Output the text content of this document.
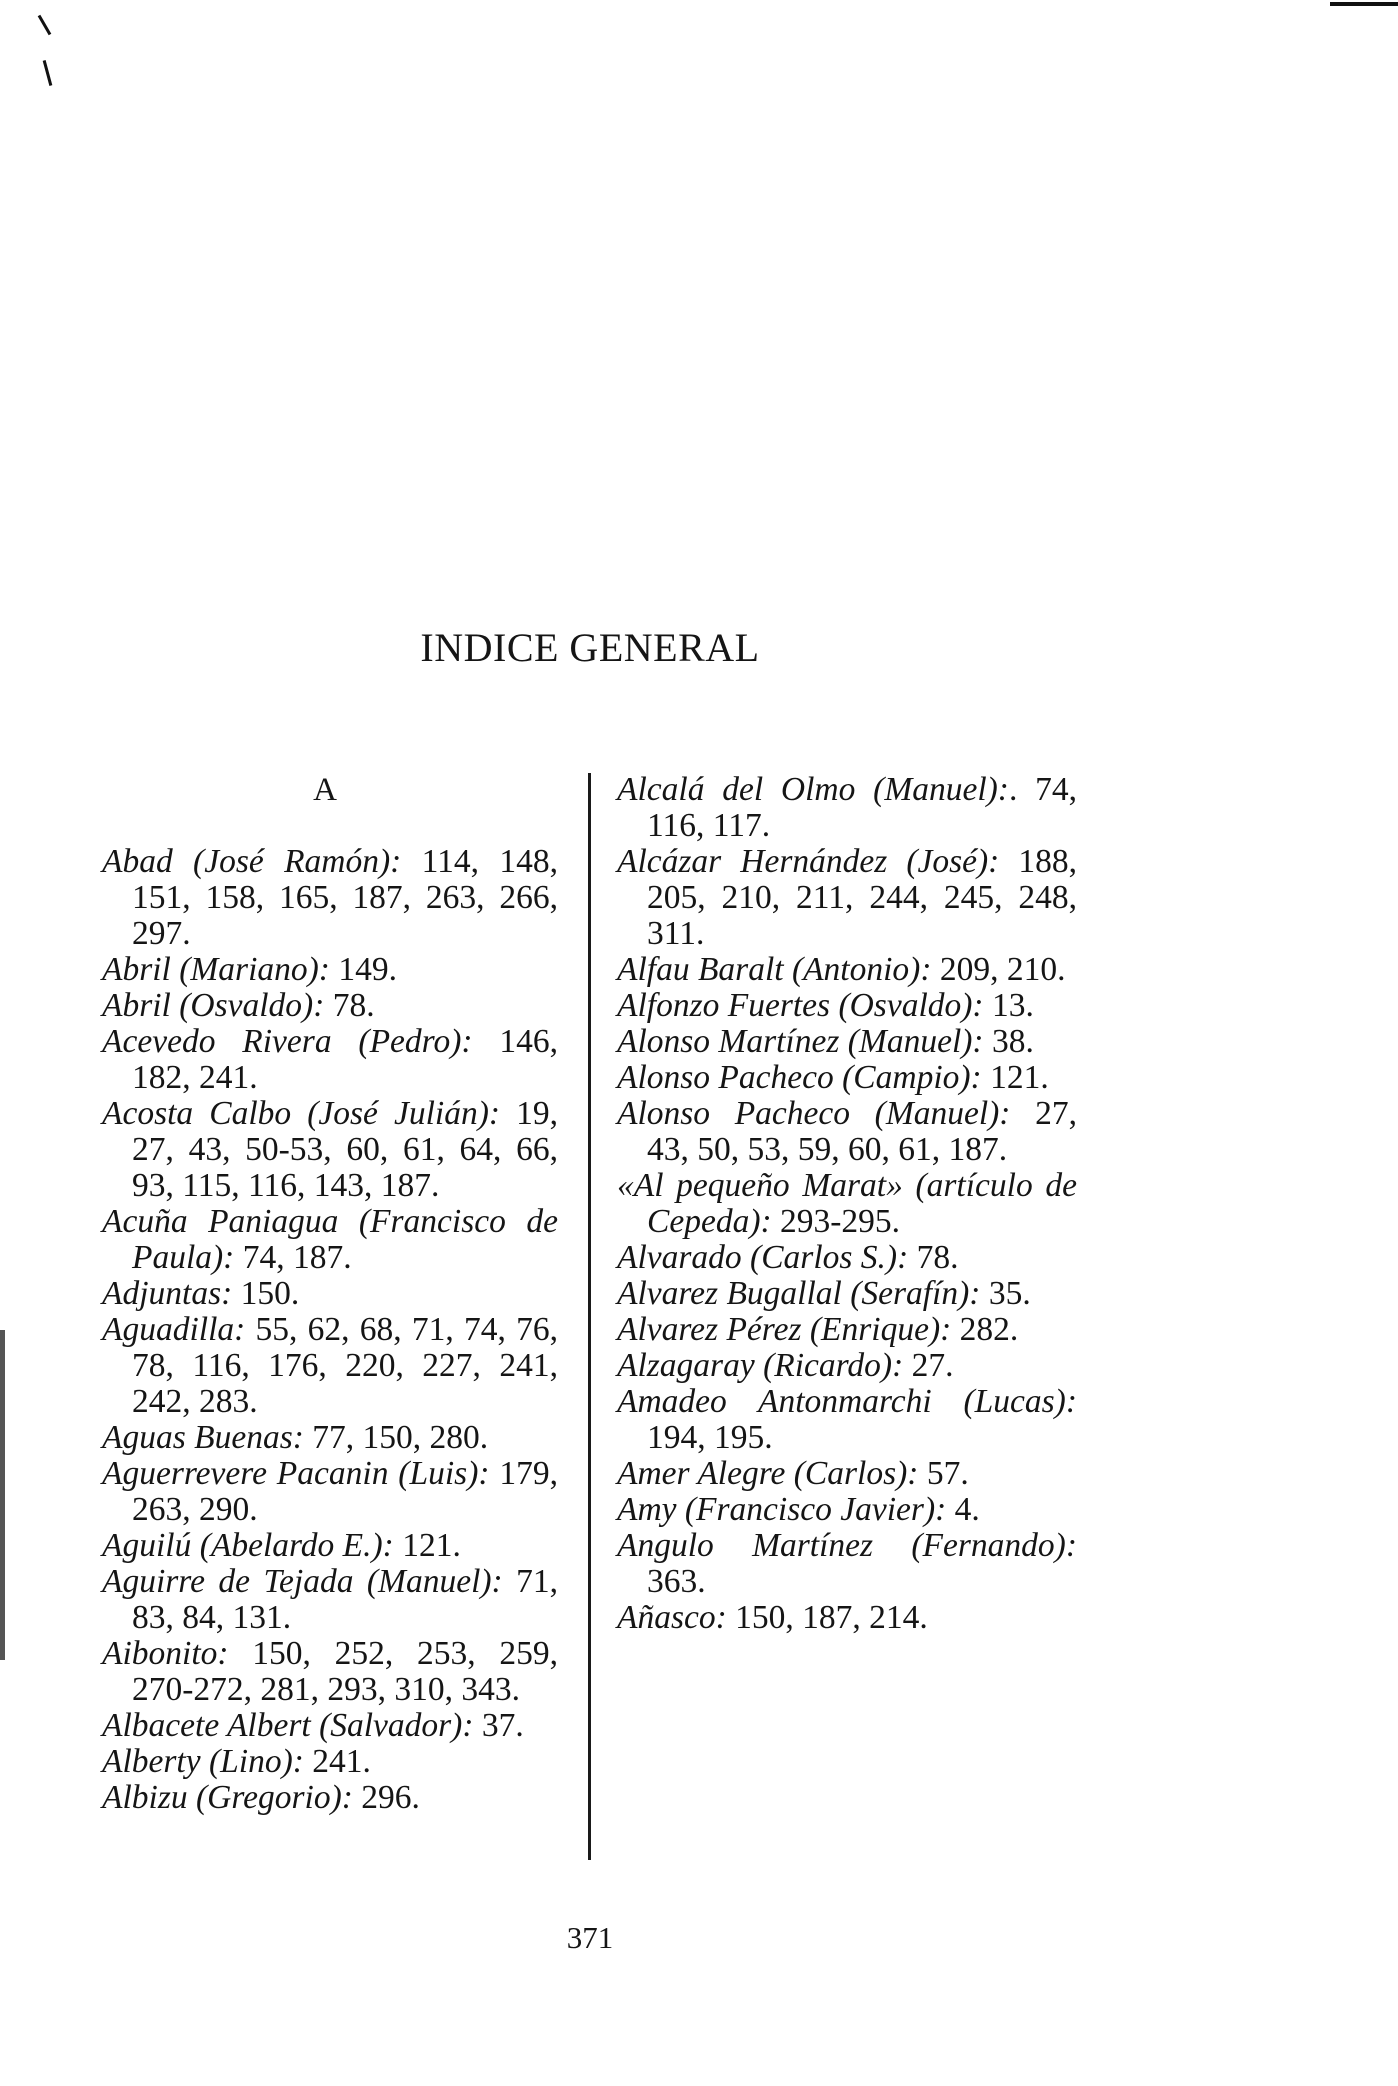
INDICE GENERAL
A
Abad (José Ramón): 114, 148, 151, 158, 165, 187, 263, 266, 297.
Abril (Mariano): 149.
Abril (Osvaldo): 78.
Acevedo Rivera (Pedro): 146, 182, 241.
Acosta Calbo (José Julián): 19, 27, 43, 50-53, 60, 61, 64, 66, 93, 115, 116, 143, 187.
Acuña Paniagua (Francisco de Paula): 74, 187.
Adjuntas: 150.
Aguadilla: 55, 62, 68, 71, 74, 76, 78, 116, 176, 220, 227, 241, 242, 283.
Aguas Buenas: 77, 150, 280.
Aguerrevere Pacanin (Luis): 179, 263, 290.
Aguilú (Abelardo E.): 121.
Aguirre de Tejada (Manuel): 71, 83, 84, 131.
Aibonito: 150, 252, 253, 259, 270-272, 281, 293, 310, 343.
Albacete Albert (Salvador): 37.
Alberty (Lino): 241.
Albizu (Gregorio): 296.
Alcalá del Olmo (Manuel):. 74, 116, 117.
Alcázar Hernández (José): 188, 205, 210, 211, 244, 245, 248, 311.
Alfau Baralt (Antonio): 209, 210.
Alfonzo Fuertes (Osvaldo): 13.
Alonso Martínez (Manuel): 38.
Alonso Pacheco (Campio): 121.
Alonso Pacheco (Manuel): 27, 43, 50, 53, 59, 60, 61, 187.
«Al pequeño Marat» (artículo de Cepeda): 293-295.
Alvarado (Carlos S.): 78.
Alvarez Bugallal (Serafín): 35.
Alvarez Pérez (Enrique): 282.
Alzagaray (Ricardo): 27.
Amadeo Antonmarchi (Lucas): 194, 195.
Amer Alegre (Carlos): 57.
Amy (Francisco Javier): 4.
Angulo Martínez (Fernando): 363.
Añasco: 150, 187, 214.
371
